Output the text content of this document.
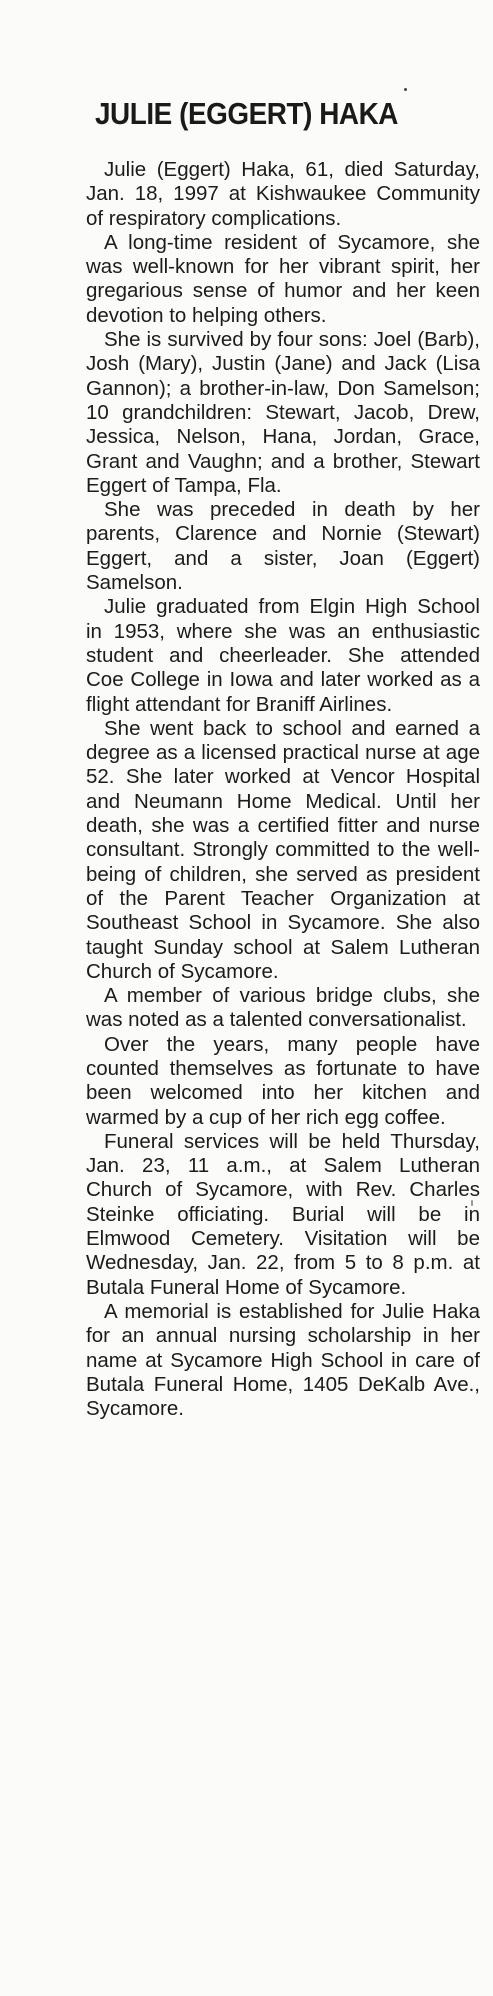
JULIE (EGGERT) HAKA

Julie (Eggert) Haka, 61, died Saturday, Jan. 18, 1997 at Kishwaukee Community of respiratory complications.

A long-time resident of Sycamore, she was well-known for her vibrant spirit, her gregarious sense of humor and her keen devotion to helping others.

She is survived by four sons: Joel (Barb), Josh (Mary), Justin (Jane) and Jack (Lisa Gannon); a brother-in-law, Don Samelson; 10 grandchildren: Stewart, Jacob, Drew, Jessica, Nelson, Hana, Jordan, Grace, Grant and Vaughn; and a brother, Stewart Eggert of Tampa, Fla.

She was preceded in death by her parents, Clarence and Nornie (Stewart) Eggert, and a sister, Joan (Eggert) Samelson.

Julie graduated from Elgin High School in 1953, where she was an enthusiastic student and cheerleader. She attended Coe College in Iowa and later worked as a flight attendant for Braniff Airlines.

She went back to school and earned a degree as a licensed practical nurse at age 52. She later worked at Vencor Hospital and Neumann Home Medical. Until her death, she was a certified fitter and nurse consultant. Strongly committed to the well-being of children, she served as president of the Parent Teacher Organization at Southeast School in Sycamore. She also taught Sunday school at Salem Lutheran Church of Sycamore.

A member of various bridge clubs, she was noted as a talented conversationalist.

Over the years, many people have counted themselves as fortunate to have been welcomed into her kitchen and warmed by a cup of her rich egg coffee.

Funeral services will be held Thursday, Jan. 23, 11 a.m., at Salem Lutheran Church of Sycamore, with Rev. Charles Steinke officiating. Burial will be in Elmwood Cemetery. Visitation will be Wednesday, Jan. 22, from 5 to 8 p.m. at Butala Funeral Home of Sycamore.

A memorial is established for Julie Haka for an annual nursing scholarship in her name at Sycamore High School in care of Butala Funeral Home, 1405 DeKalb Ave., Sycamore.
